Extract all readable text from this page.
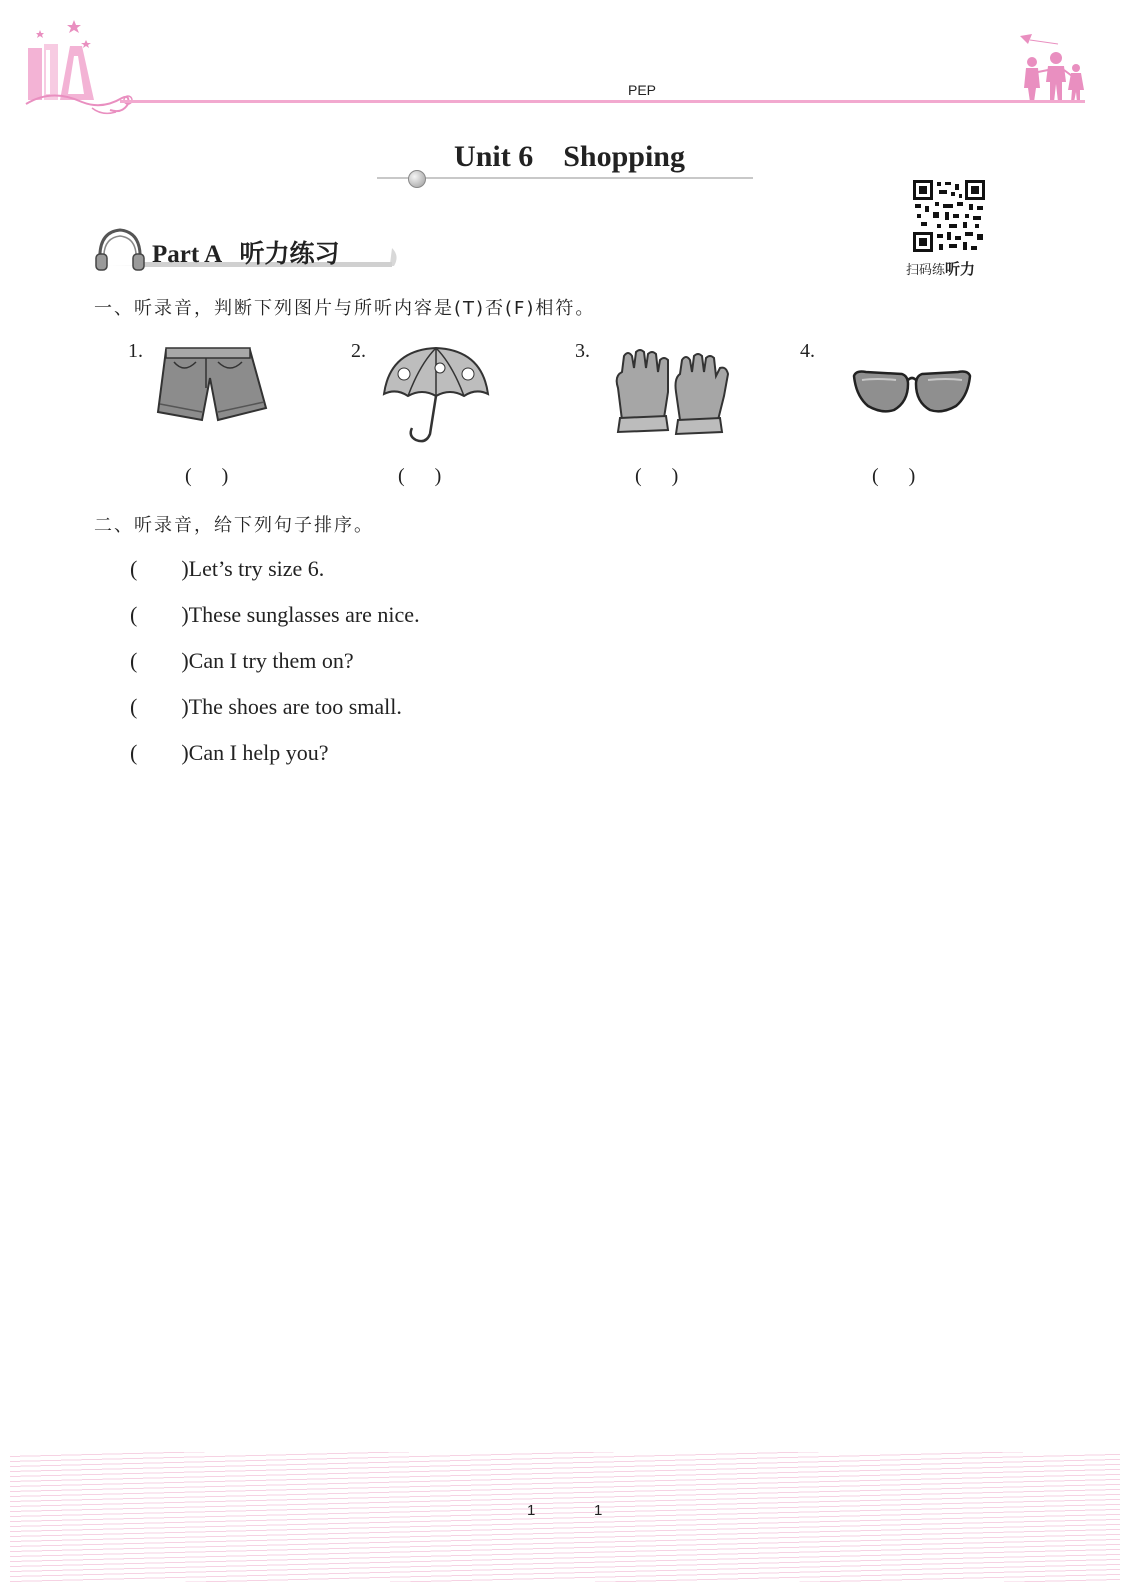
PEP
Unit 6    Shopping
扫码练听力
Part A   听力练习
一、听录音，判断下列图片与所听内容是(T)否(F)相符。
1.
(      )
2.
(      )
3.
(      )
4.
(      )
二、听录音，给下列句子排序。
(        )Let’s try size 6.
(        )These sunglasses are nice.
(        )Can I try them on?
(        )The shoes are too small.
(        )Can I help you?
1	1
